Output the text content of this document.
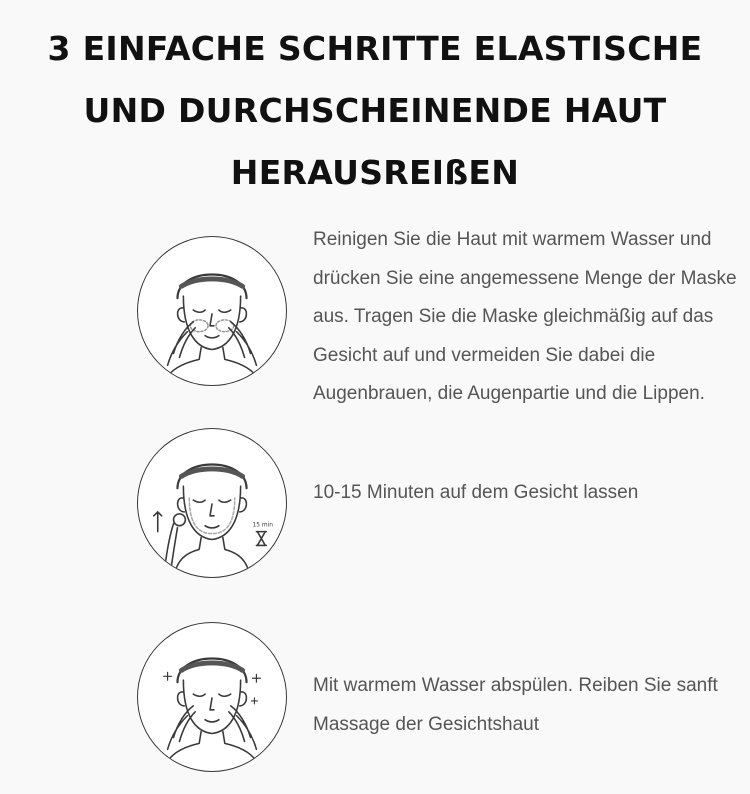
3 EINFACHE SCHRITTE ELASTISCHE
UND DURCHSCHEINENDE HAUT
HERAUSREIßEN
Reinigen Sie die Haut mit warmem Wasser und drücken Sie eine angemessene Menge der Maske aus. Tragen Sie die Maske gleichmäßig auf das Gesicht auf und vermeiden Sie dabei die Augenbrauen, die Augenpartie und die Lippen.
15 min
10-15 Minuten auf dem Gesicht lassen
Mit warmem Wasser abspülen. Reiben Sie sanft Massage der Gesichtshaut
